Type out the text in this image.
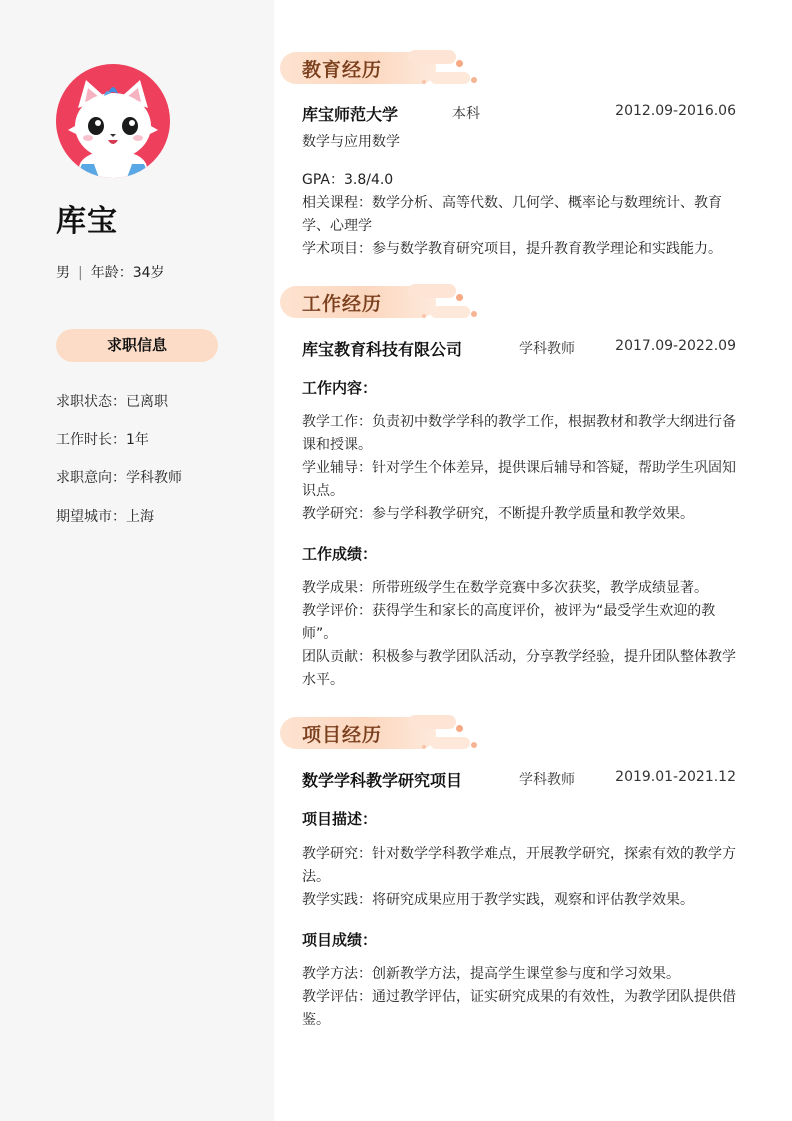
库宝
男 | 年龄：34岁
求职信息
求职状态：已离职
工作时长：1年
求职意向：学科教师
期望城市：上海
教育经历
库宝师范大学	本科	2012.09-2016.06
数学与应用数学
GPA：3.8/4.0
相关课程：数学分析、高等代数、几何学、概率论与数理统计、教育学、心理学
学术项目：参与数学教育研究项目，提升教育教学理论和实践能力。
工作经历
库宝教育科技有限公司	学科教师	2017.09-2022.09
工作内容：
教学工作：负责初中数学学科的教学工作，根据教材和教学大纲进行备课和授课。
学业辅导：针对学生个体差异，提供课后辅导和答疑，帮助学生巩固知识点。
教学研究：参与学科教学研究，不断提升教学质量和教学效果。
工作成绩：
教学成果：所带班级学生在数学竞赛中多次获奖，教学成绩显著。
教学评价：获得学生和家长的高度评价，被评为“最受学生欢迎的教师”。
团队贡献：积极参与教学团队活动，分享教学经验，提升团队整体教学水平。
项目经历
数学学科教学研究项目	学科教师	2019.01-2021.12
项目描述：
教学研究：针对数学学科教学难点，开展教学研究，探索有效的教学方法。
教学实践：将研究成果应用于教学实践，观察和评估教学效果。
项目成绩：
教学方法：创新教学方法，提高学生课堂参与度和学习效果。
教学评估：通过教学评估，证实研究成果的有效性，为教学团队提供借鉴。
